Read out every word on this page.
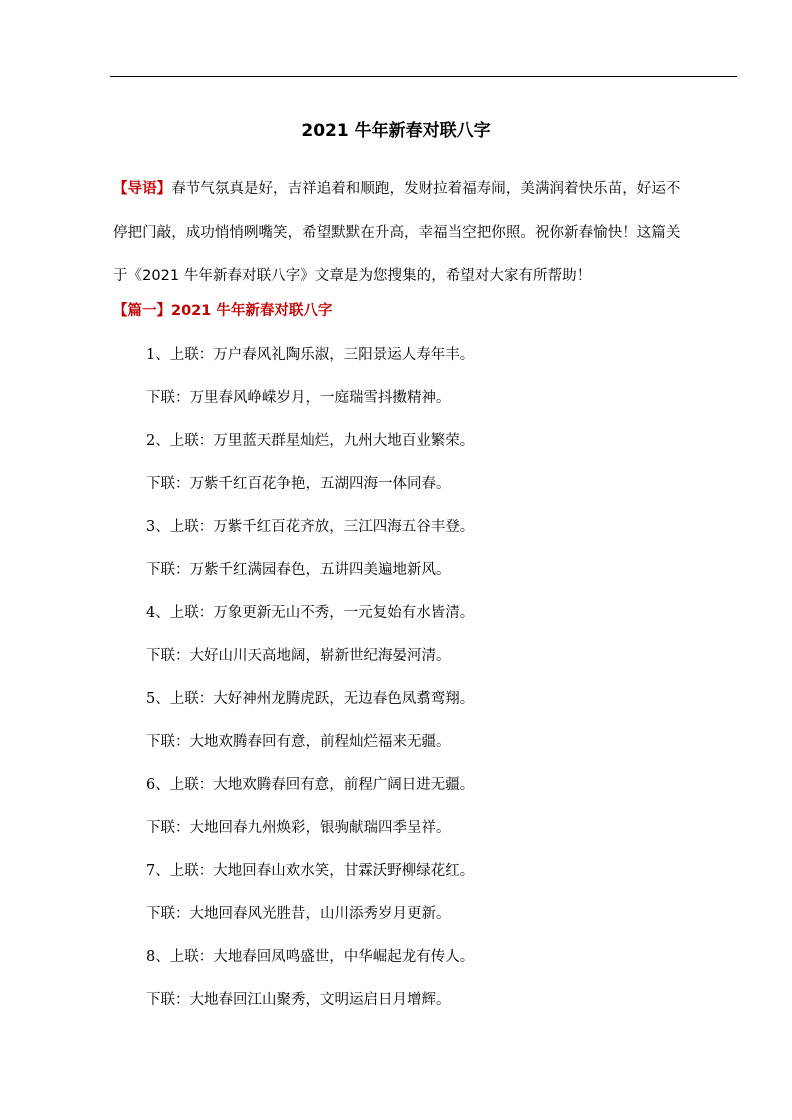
2021 牛年新春对联八字
【导语】春节气氛真是好，吉祥追着和顺跑，发财拉着福寿闹，美满润着快乐苗，好运不
停把门敲，成功悄悄咧嘴笑，希望默默在升高，幸福当空把你照。祝你新春愉快！这篇关
于《2021 牛年新春对联八字》文章是为您搜集的，希望对大家有所帮助！
【篇一】2021 牛年新春对联八字
1、上联：万户春风礼陶乐淑，三阳景运人寿年丰。
下联：万里春风峥嵘岁月，一庭瑞雪抖擞精神。
2、上联：万里蓝天群星灿烂，九州大地百业繁荣。
下联：万紫千红百花争艳，五湖四海一体同春。
3、上联：万紫千红百花齐放，三江四海五谷丰登。
下联：万紫千红满园春色，五讲四美遍地新风。
4、上联：万象更新无山不秀，一元复始有水皆清。
下联：大好山川天高地阔，崭新世纪海晏河清。
5、上联：大好神州龙腾虎跃，无边春色凤翥鸾翔。
下联：大地欢腾春回有意，前程灿烂福来无疆。
6、上联：大地欢腾春回有意，前程广阔日进无疆。
下联：大地回春九州焕彩，银驹献瑞四季呈祥。
7、上联：大地回春山欢水笑，甘霖沃野柳绿花红。
下联：大地回春风光胜昔，山川添秀岁月更新。
8、上联：大地春回凤鸣盛世，中华崛起龙有传人。
下联：大地春回江山聚秀，文明运启日月增辉。
